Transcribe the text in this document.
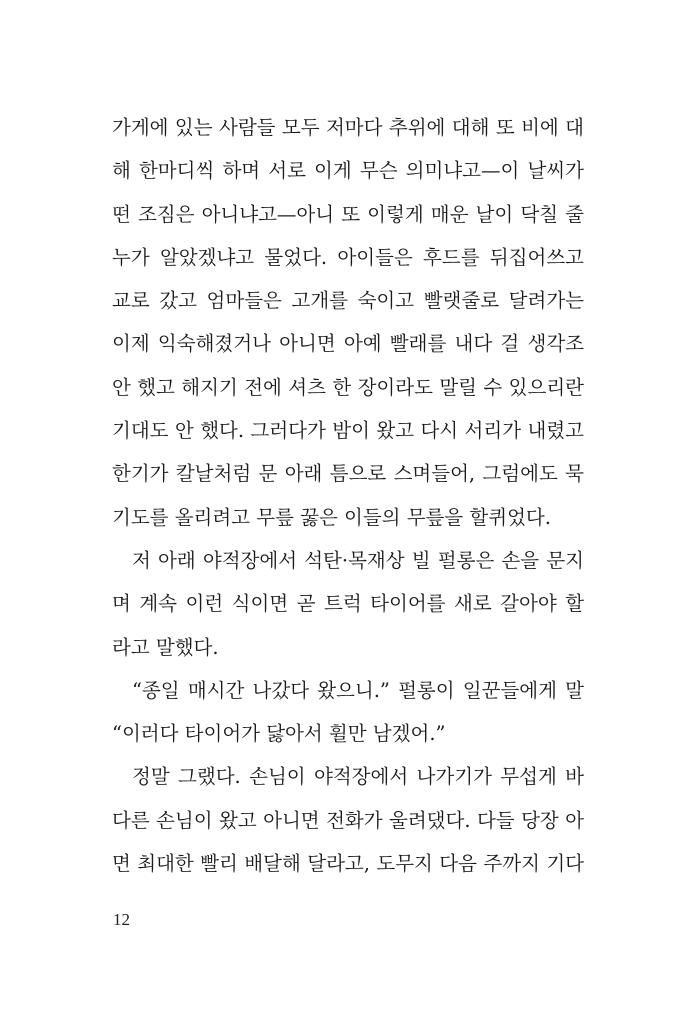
가게에 있는 사람들 모두 저마다 추위에 대해 또 비에 대
해 한마디씩 하며 서로 이게 무슨 의미냐고—이 날씨가
떤 조짐은 아니냐고—아니 또 이렇게 매운 날이 닥칠 줄
누가 알았겠냐고 물었다. 아이들은 후드를 뒤집어쓰고
교로 갔고 엄마들은 고개를 숙이고 빨랫줄로 달려가는
이제 익숙해졌거나 아니면 아예 빨래를 내다 걸 생각조
안 했고 해지기 전에 셔츠 한 장이라도 말릴 수 있으리란
기대도 안 했다. 그러다가 밤이 왔고 다시 서리가 내렸고
한기가 칼날처럼 문 아래 틈으로 스며들어, 그럼에도 묵
기도를 올리려고 무릎 꿇은 이들의 무릎을 할퀴었다.
저 아래 야적장에서 석탄·목재상 빌 펄롱은 손을 문지
며 계속 이런 식이면 곧 트럭 타이어를 새로 갈아야 할
라고 말했다.
“종일 매시간 나갔다 왔으니.” 펄롱이 일꾼들에게 말
“이러다 타이어가 닳아서 휠만 남겠어.”
정말 그랬다. 손님이 야적장에서 나가기가 무섭게 바
다른 손님이 왔고 아니면 전화가 울려댔다. 다들 당장 아
면 최대한 빨리 배달해 달라고, 도무지 다음 주까지 기다
12
